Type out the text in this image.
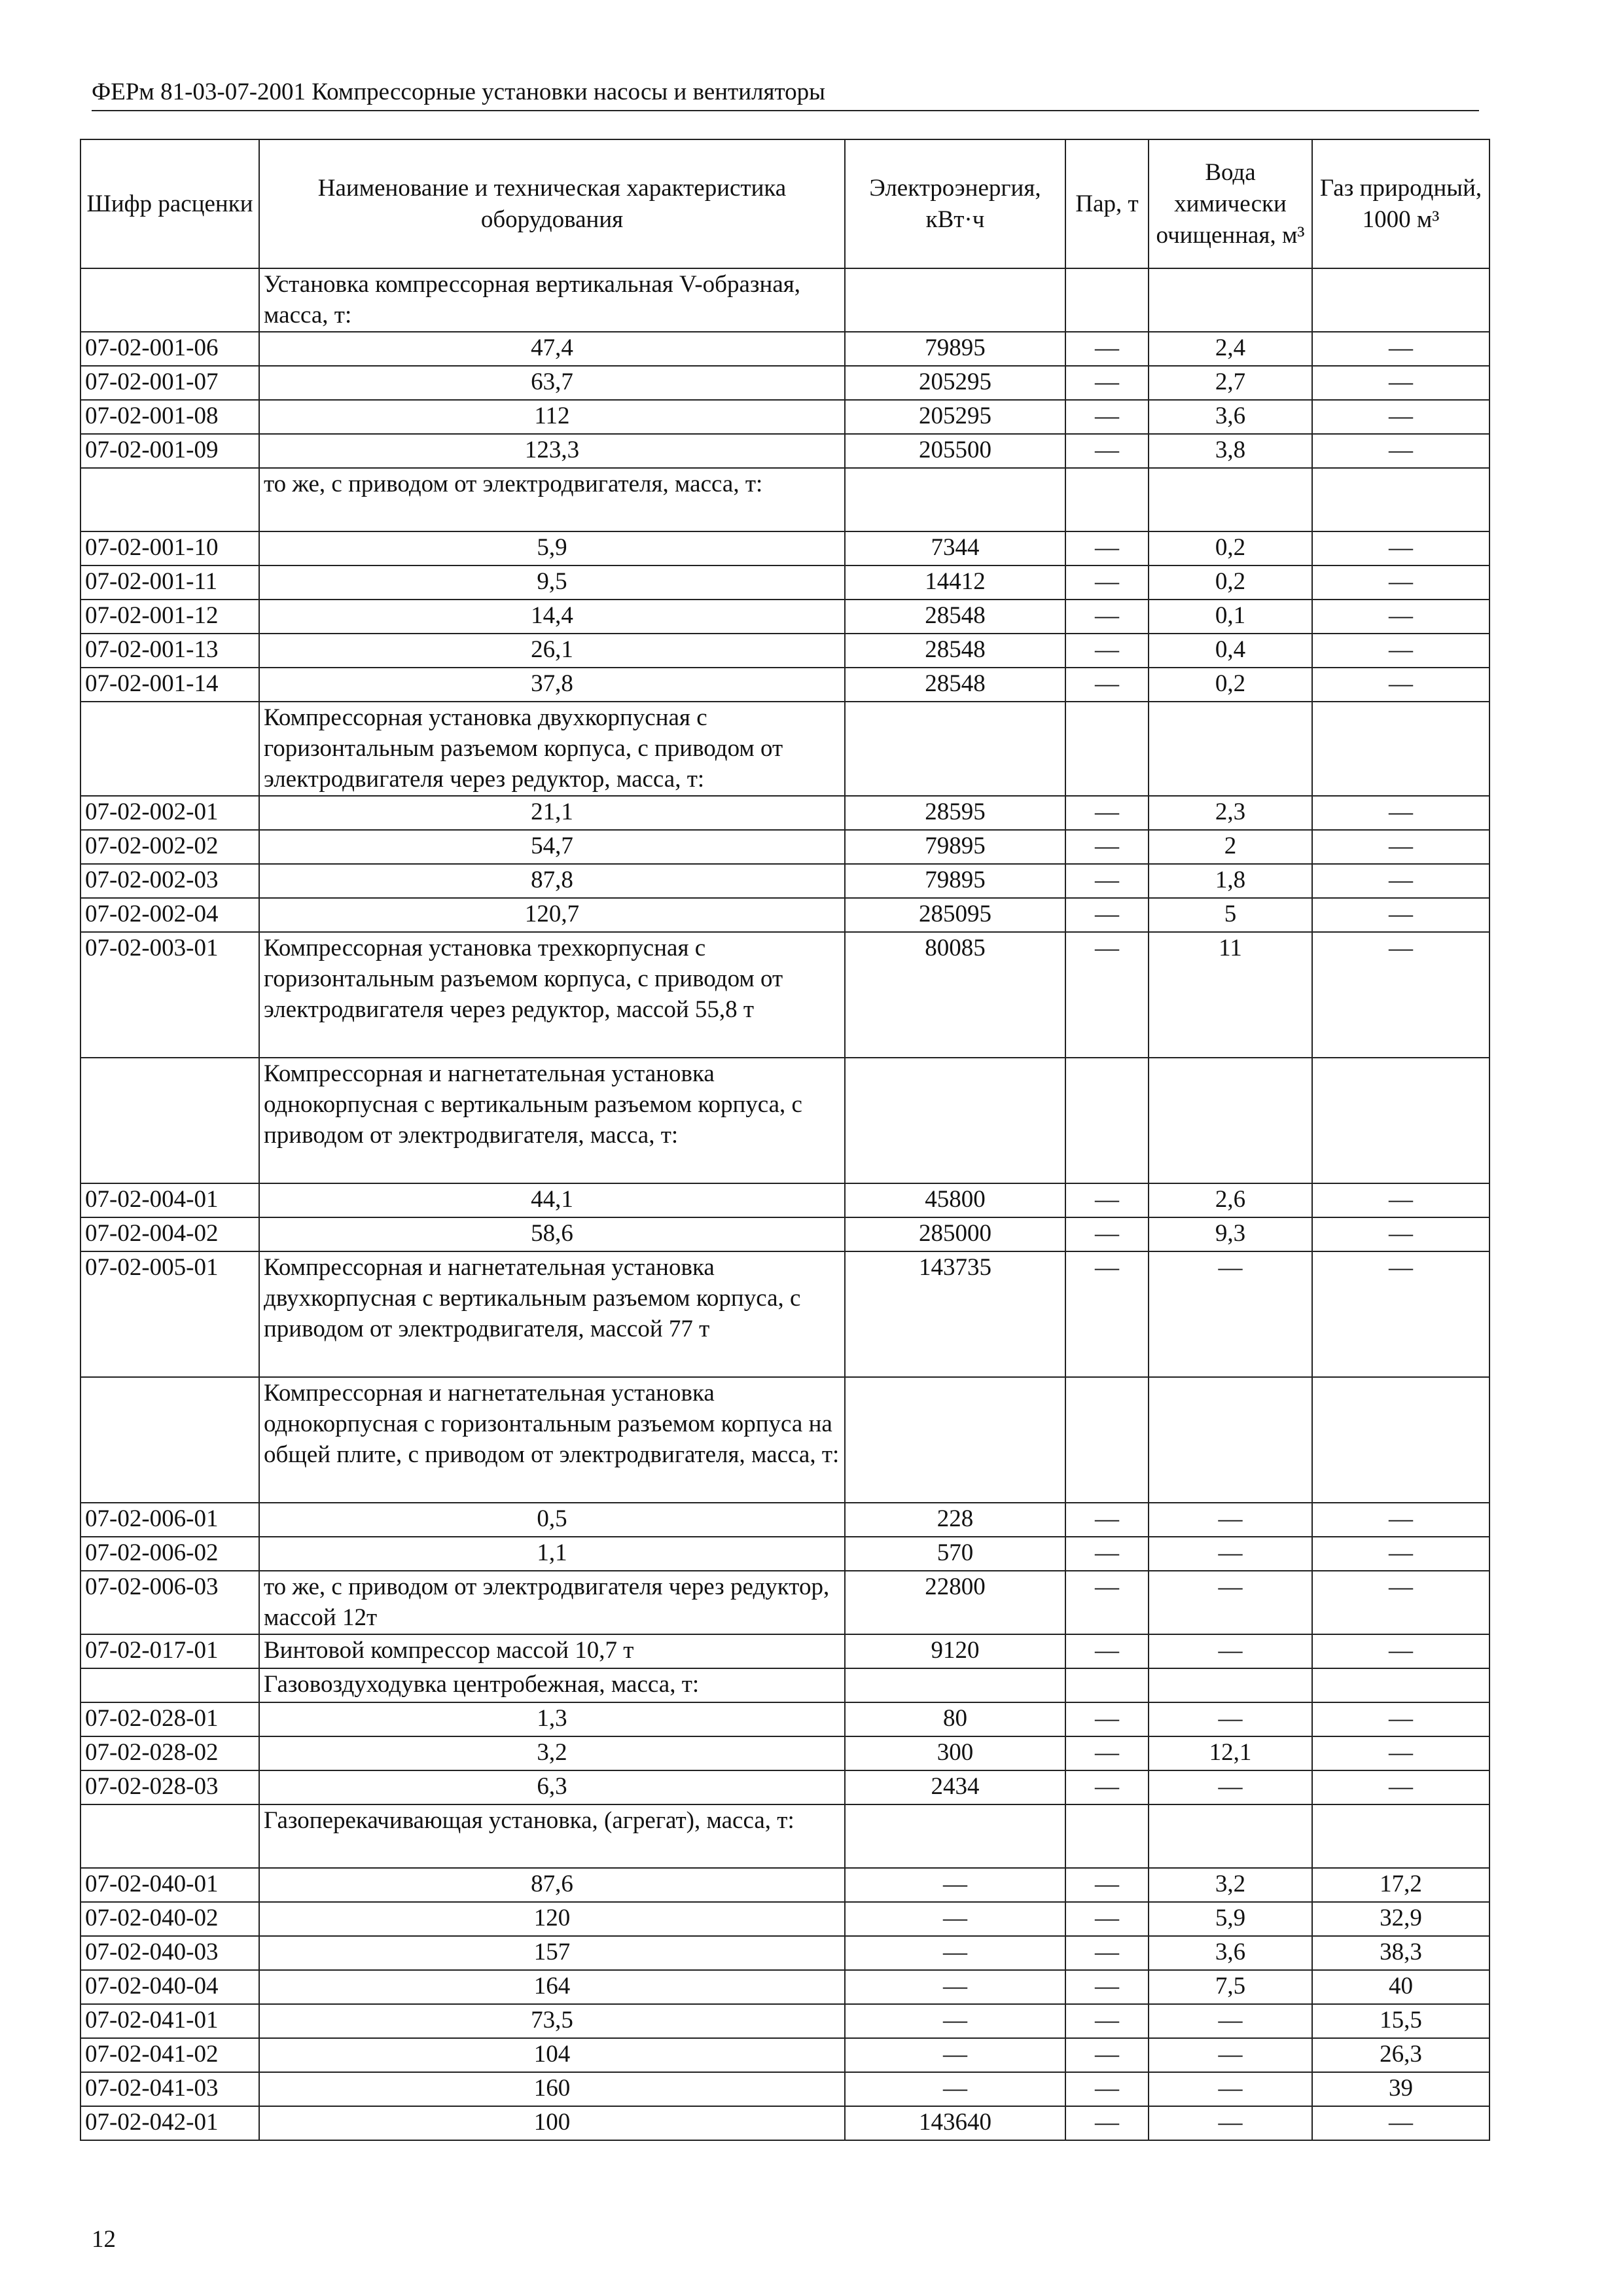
ФЕРм 81-03-07-2001 Компрессорные установки насосы и вентиляторы
Шифр расценки	Наименование и техническая характеристика оборудования	Электроэнергия, кВт·ч	Пар, т	Вода химически очищенная, м³	Газ природный, 1000 м³
	Установка компрессорная вертикальная V-образная, масса, т:				
07-02-001-06	47,4	79895	—	2,4	—
07-02-001-07	63,7	205295	—	2,7	—
07-02-001-08	112	205295	—	3,6	—
07-02-001-09	123,3	205500	—	3,8	—
	то же, с приводом от электродвигателя, масса, т:				
07-02-001-10	5,9	7344	—	0,2	—
07-02-001-11	9,5	14412	—	0,2	—
07-02-001-12	14,4	28548	—	0,1	—
07-02-001-13	26,1	28548	—	0,4	—
07-02-001-14	37,8	28548	—	0,2	—
	Компрессорная установка двухкорпусная с горизонтальным разъемом корпуса, с приводом от электродвигателя через редуктор, масса, т:				
07-02-002-01	21,1	28595	—	2,3	—
07-02-002-02	54,7	79895	—	2	—
07-02-002-03	87,8	79895	—	1,8	—
07-02-002-04	120,7	285095	—	5	—
07-02-003-01	Компрессорная установка трехкорпусная с горизонтальным разъемом корпуса, с приводом от электродвигателя через редуктор, массой 55,8 т	80085	—	11	—
	Компрессорная и нагнетательная установка однокорпусная с вертикальным разъемом корпуса, с приводом от электродвигателя, масса, т:				
07-02-004-01	44,1	45800	—	2,6	—
07-02-004-02	58,6	285000	—	9,3	—
07-02-005-01	Компрессорная и нагнетательная установка двухкорпусная с вертикальным разъемом корпуса, с приводом от электродвигателя, массой 77 т	143735	—	—	—
	Компрессорная и нагнетательная установка однокорпусная с горизонтальным разъемом корпуса на общей плите, с приводом от электродвигателя, масса, т:				
07-02-006-01	0,5	228	—	—	—
07-02-006-02	1,1	570	—	—	—
07-02-006-03	то же, с приводом от электродвигателя через редуктор, массой 12т	22800	—	—	—
07-02-017-01	Винтовой компрессор массой 10,7 т	9120	—	—	—
	Газовоздуходувка центробежная, масса, т:				
07-02-028-01	1,3	80	—	—	—
07-02-028-02	3,2	300	—	12,1	—
07-02-028-03	6,3	2434	—	—	—
	Газоперекачивающая установка, (агрегат), масса, т:				
07-02-040-01	87,6	—	—	3,2	17,2
07-02-040-02	120	—	—	5,9	32,9
07-02-040-03	157	—	—	3,6	38,3
07-02-040-04	164	—	—	7,5	40
07-02-041-01	73,5	—	—	—	15,5
07-02-041-02	104	—	—	—	26,3
07-02-041-03	160	—	—	—	39
07-02-042-01	100	143640	—	—	—
12
